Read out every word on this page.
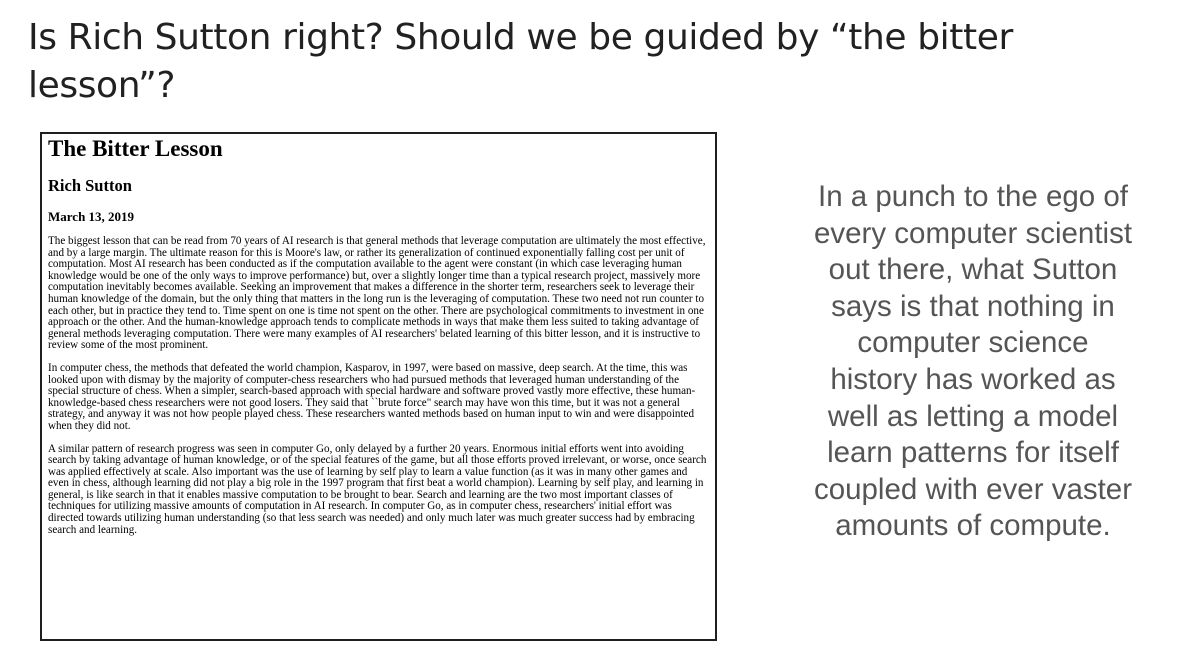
Is Rich Sutton right? Should we be guided by “the bitter lesson”?
The Bitter Lesson
Rich Sutton
March 13, 2019

The biggest lesson that can be read from 70 years of AI research is that general methods that leverage computation are ultimately the most effective, and by a large margin. The ultimate reason for this is Moore's law, or rather its generalization of continued exponentially falling cost per unit of computation. Most AI research has been conducted as if the computation available to the agent were constant (in which case leveraging human knowledge would be one of the only ways to improve performance) but, over a slightly longer time than a typical research project, massively more computation inevitably becomes available. Seeking an improvement that makes a difference in the shorter term, researchers seek to leverage their human knowledge of the domain, but the only thing that matters in the long run is the leveraging of computation. These two need not run counter to each other, but in practice they tend to. Time spent on one is time not spent on the other. There are psychological commitments to investment in one approach or the other. And the human-knowledge approach tends to complicate methods in ways that make them less suited to taking advantage of general methods leveraging computation. There were many examples of AI researchers' belated learning of this bitter lesson, and it is instructive to review some of the most prominent.

In computer chess, the methods that defeated the world champion, Kasparov, in 1997, were based on massive, deep search. At the time, this was looked upon with dismay by the majority of computer-chess researchers who had pursued methods that leveraged human understanding of the special structure of chess. When a simpler, search-based approach with special hardware and software proved vastly more effective, these human-knowledge-based chess researchers were not good losers. They said that ``brute force" search may have won this time, but it was not a general strategy, and anyway it was not how people played chess. These researchers wanted methods based on human input to win and were disappointed when they did not.

A similar pattern of research progress was seen in computer Go, only delayed by a further 20 years. Enormous initial efforts went into avoiding search by taking advantage of human knowledge, or of the special features of the game, but all those efforts proved irrelevant, or worse, once search was applied effectively at scale. Also important was the use of learning by self play to learn a value function (as it was in many other games and even in chess, although learning did not play a big role in the 1997 program that first beat a world champion). Learning by self play, and learning in general, is like search in that it enables massive computation to be brought to bear. Search and learning are the two most important classes of techniques for utilizing massive amounts of computation in AI research. In computer Go, as in computer chess, researchers' initial effort was directed towards utilizing human understanding (so that less search was needed) and only much later was much greater success had by embracing search and learning.

In a punch to the ego of every computer scientist out there, what Sutton says is that nothing in computer science history has worked as well as letting a model learn patterns for itself coupled with ever vaster amounts of compute.
